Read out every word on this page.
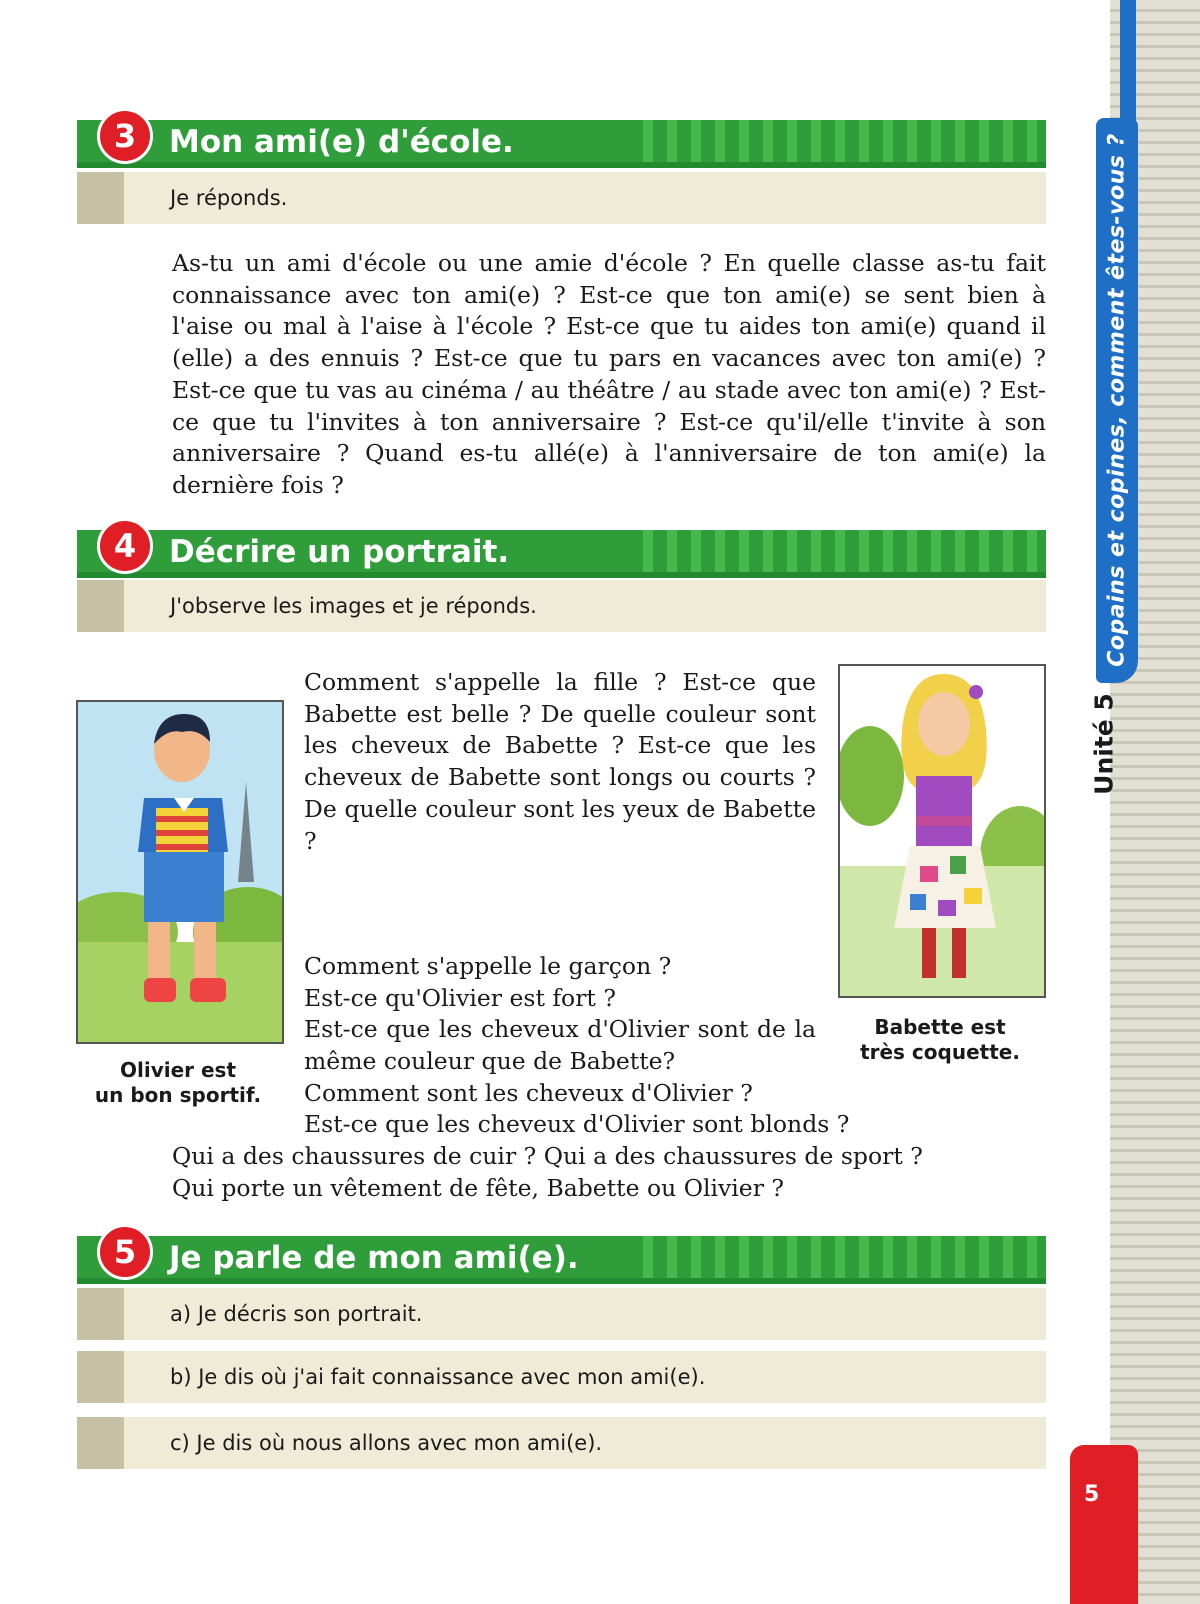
Copains et copines, comment êtes-vous ?
Unité 5
5
3	Mon ami(e) d'école.
Je réponds.
As-tu un ami d'école ou une amie d'école ? En quelle classe as-tu fait connaissance avec ton ami(e) ? Est-ce que ton ami(e) se sent bien à l'aise ou mal à l'aise à l'école ? Est-ce que tu aides ton ami(e) quand il (elle) a des ennuis ? Est-ce que tu pars en vacances avec ton ami(e) ? Est-ce que tu vas au cinéma / au théâtre / au stade avec ton ami(e) ? Est-ce que tu l'invites à ton anniversaire ? Est-ce qu'il/elle t'invite à son anniversaire ? Quand es-tu allé(e) à l'anniversaire de ton ami(e) la dernière fois ?
4	Décrire un portrait.
J'observe les images et je réponds.
Olivier est
un bon sportif.
Babette est
très coquette.
Comment s'appelle la fille ? Est-ce que Babette est belle ? De quelle couleur sont les cheveux de Babette ? Est-ce que les cheveux de Babette sont longs ou courts ? De quelle couleur sont les yeux de Babette ?
Comment s'appelle le garçon ?
Est-ce qu'Olivier est fort ?
Est-ce que les cheveux d'Olivier sont de la même couleur que de Babette?
Comment sont les cheveux d'Olivier ?
Est-ce que les cheveux d'Olivier sont blonds ?
Qui a des chaussures de cuir ? Qui a des chaussures de sport ?
Qui porte un vêtement de fête, Babette ou Olivier ?
5	Je parle de mon ami(e).
a) Je décris son portrait.
b) Je dis où j'ai fait connaissance avec mon ami(e).
c) Je dis où nous allons avec mon ami(e).
